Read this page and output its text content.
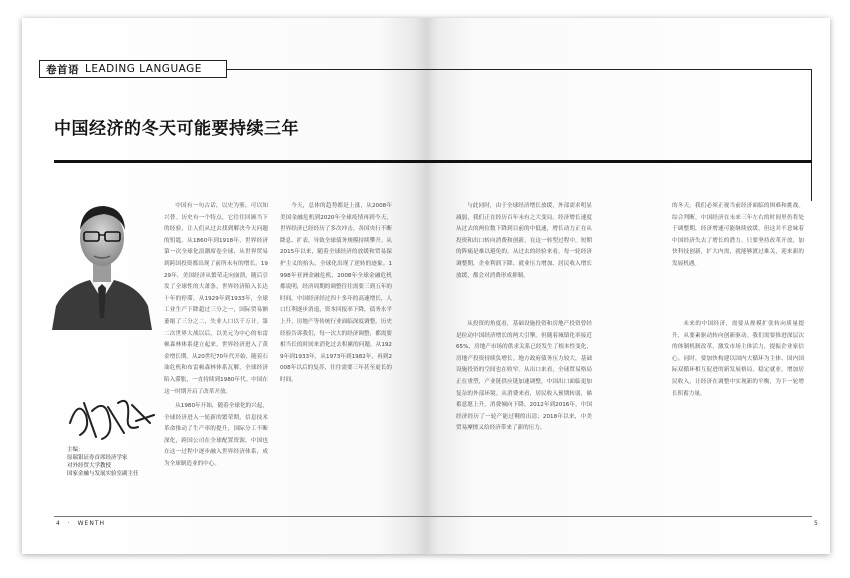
卷首语 LEADING LANGUAGE
中国经济的冬天可能要持续三年

中国有一句古话，以史为鉴，可以知兴替。历史有一个特点，它往往回顾当下的经验，让人们从过去找到解决今天问题的钥匙。从1860年到1918年，世界经济第一次全球化浪潮席卷全球，从世界贸易到跨国投资都出现了前所未有的增长。1929年，美国经济从繁荣走向崩溃，随后引发了全球性的大萧条，世界经济陷入长达十年的停滞。从1929年到1933年，全球工业生产下降超过三分之一，国际贸易额萎缩了三分之二，失业人口以千万计。第二次世界大战以后，以美元为中心的布雷顿森林体系建立起来，世界经济进入了黄金增长期。从20世纪70年代开始，随着石油危机和布雷顿森林体系瓦解，全球经济陷入滞胀，一直持续到1980年代。中国在这一时期开启了改革开放。

从1980年开始，随着全球化的兴起，全球经济进入一轮新的繁荣期，信息技术革命推动了生产率的提升，国际分工不断深化，跨国公司在全球配置资源，中国也在这一过程中逐步融入世界经济体系，成为全球制造业的中心。

主编：
原瑞银证券首席经济学家
对外经贸大学教授
国家金融与发展实验室副主任

今天，总体的趋势都是上涨，从2008年美国金融危机到2020年全球疫情再到今天，世界经济已经经历了多次冲击。各国央行不断降息、扩表，导致全球债务规模持续攀升。从2015年以来，随着全球经济的放缓和贸易保护主义的抬头，全球化出现了逆转的迹象。1998年亚洲金融危机、2008年全球金融危机都说明，经济周期的调整往往需要三到五年的时间。中国经济经过四十多年的高速增长，人口红利逐步消退，资本回报率下降，债务水平上升，房地产等传统行业面临深度调整。历史经验告诉我们，每一次大的经济调整，都需要相当长的时间来消化过去积累的问题。从1929年到1933年，从1973年到1982年，再到2008年以后的复苏，往往需要三年甚至更长的时间。

4 · WENTH

与此同时，由于全球经济增长放缓，外部需求明显减弱，我们正在经历百年未有之大变局。经济增长速度从过去的两位数下降到目前的中低速，增长动力正在从投资和出口转向消费和创新。在这一转型过程中，短期的阵痛是难以避免的。从过去的经验来看，每一轮经济调整期，企业利润下降、就业压力增加、居民收入增长放缓，都会对消费形成抑制。

从投资的角度看，基础设施投资和房地产投资曾经是拉动中国经济增长的两大引擎。但随着城镇化率接近65%，房地产市场的供求关系已经发生了根本性变化，房地产投资持续负增长。地方政府债务压力较大，基础设施投资的空间也在收窄。从出口来看，全球贸易格局正在重塑，产业链供应链加速调整，中国出口面临更加复杂的外部环境。从消费来看，居民收入预期转弱，储蓄意愿上升，消费倾向下降。2012年到2016年，中国经济经历了一轮产能过剩的出清；2018年以来，中美贸易摩擦又给经济带来了新的压力。

的冬天。我们必须正视当前经济面临的困难和挑战。综合判断，中国经济在未来三年左右的时间里仍将处于调整期，经济增速可能继续放缓，但这并不意味着中国经济失去了增长的潜力。只要坚持改革开放，加快科技创新，扩大内需，就能够渡过难关，迎来新的发展机遇。

未来的中国经济，需要从规模扩张转向质量提升，从要素驱动转向创新驱动。我们需要推进深层次的体制机制改革，激发市场主体活力，提振企业家信心。同时，要加快构建以国内大循环为主体、国内国际双循环相互促进的新发展格局，稳定就业，增加居民收入，让经济在调整中实现新的平衡，为下一轮增长积蓄力量。

5
